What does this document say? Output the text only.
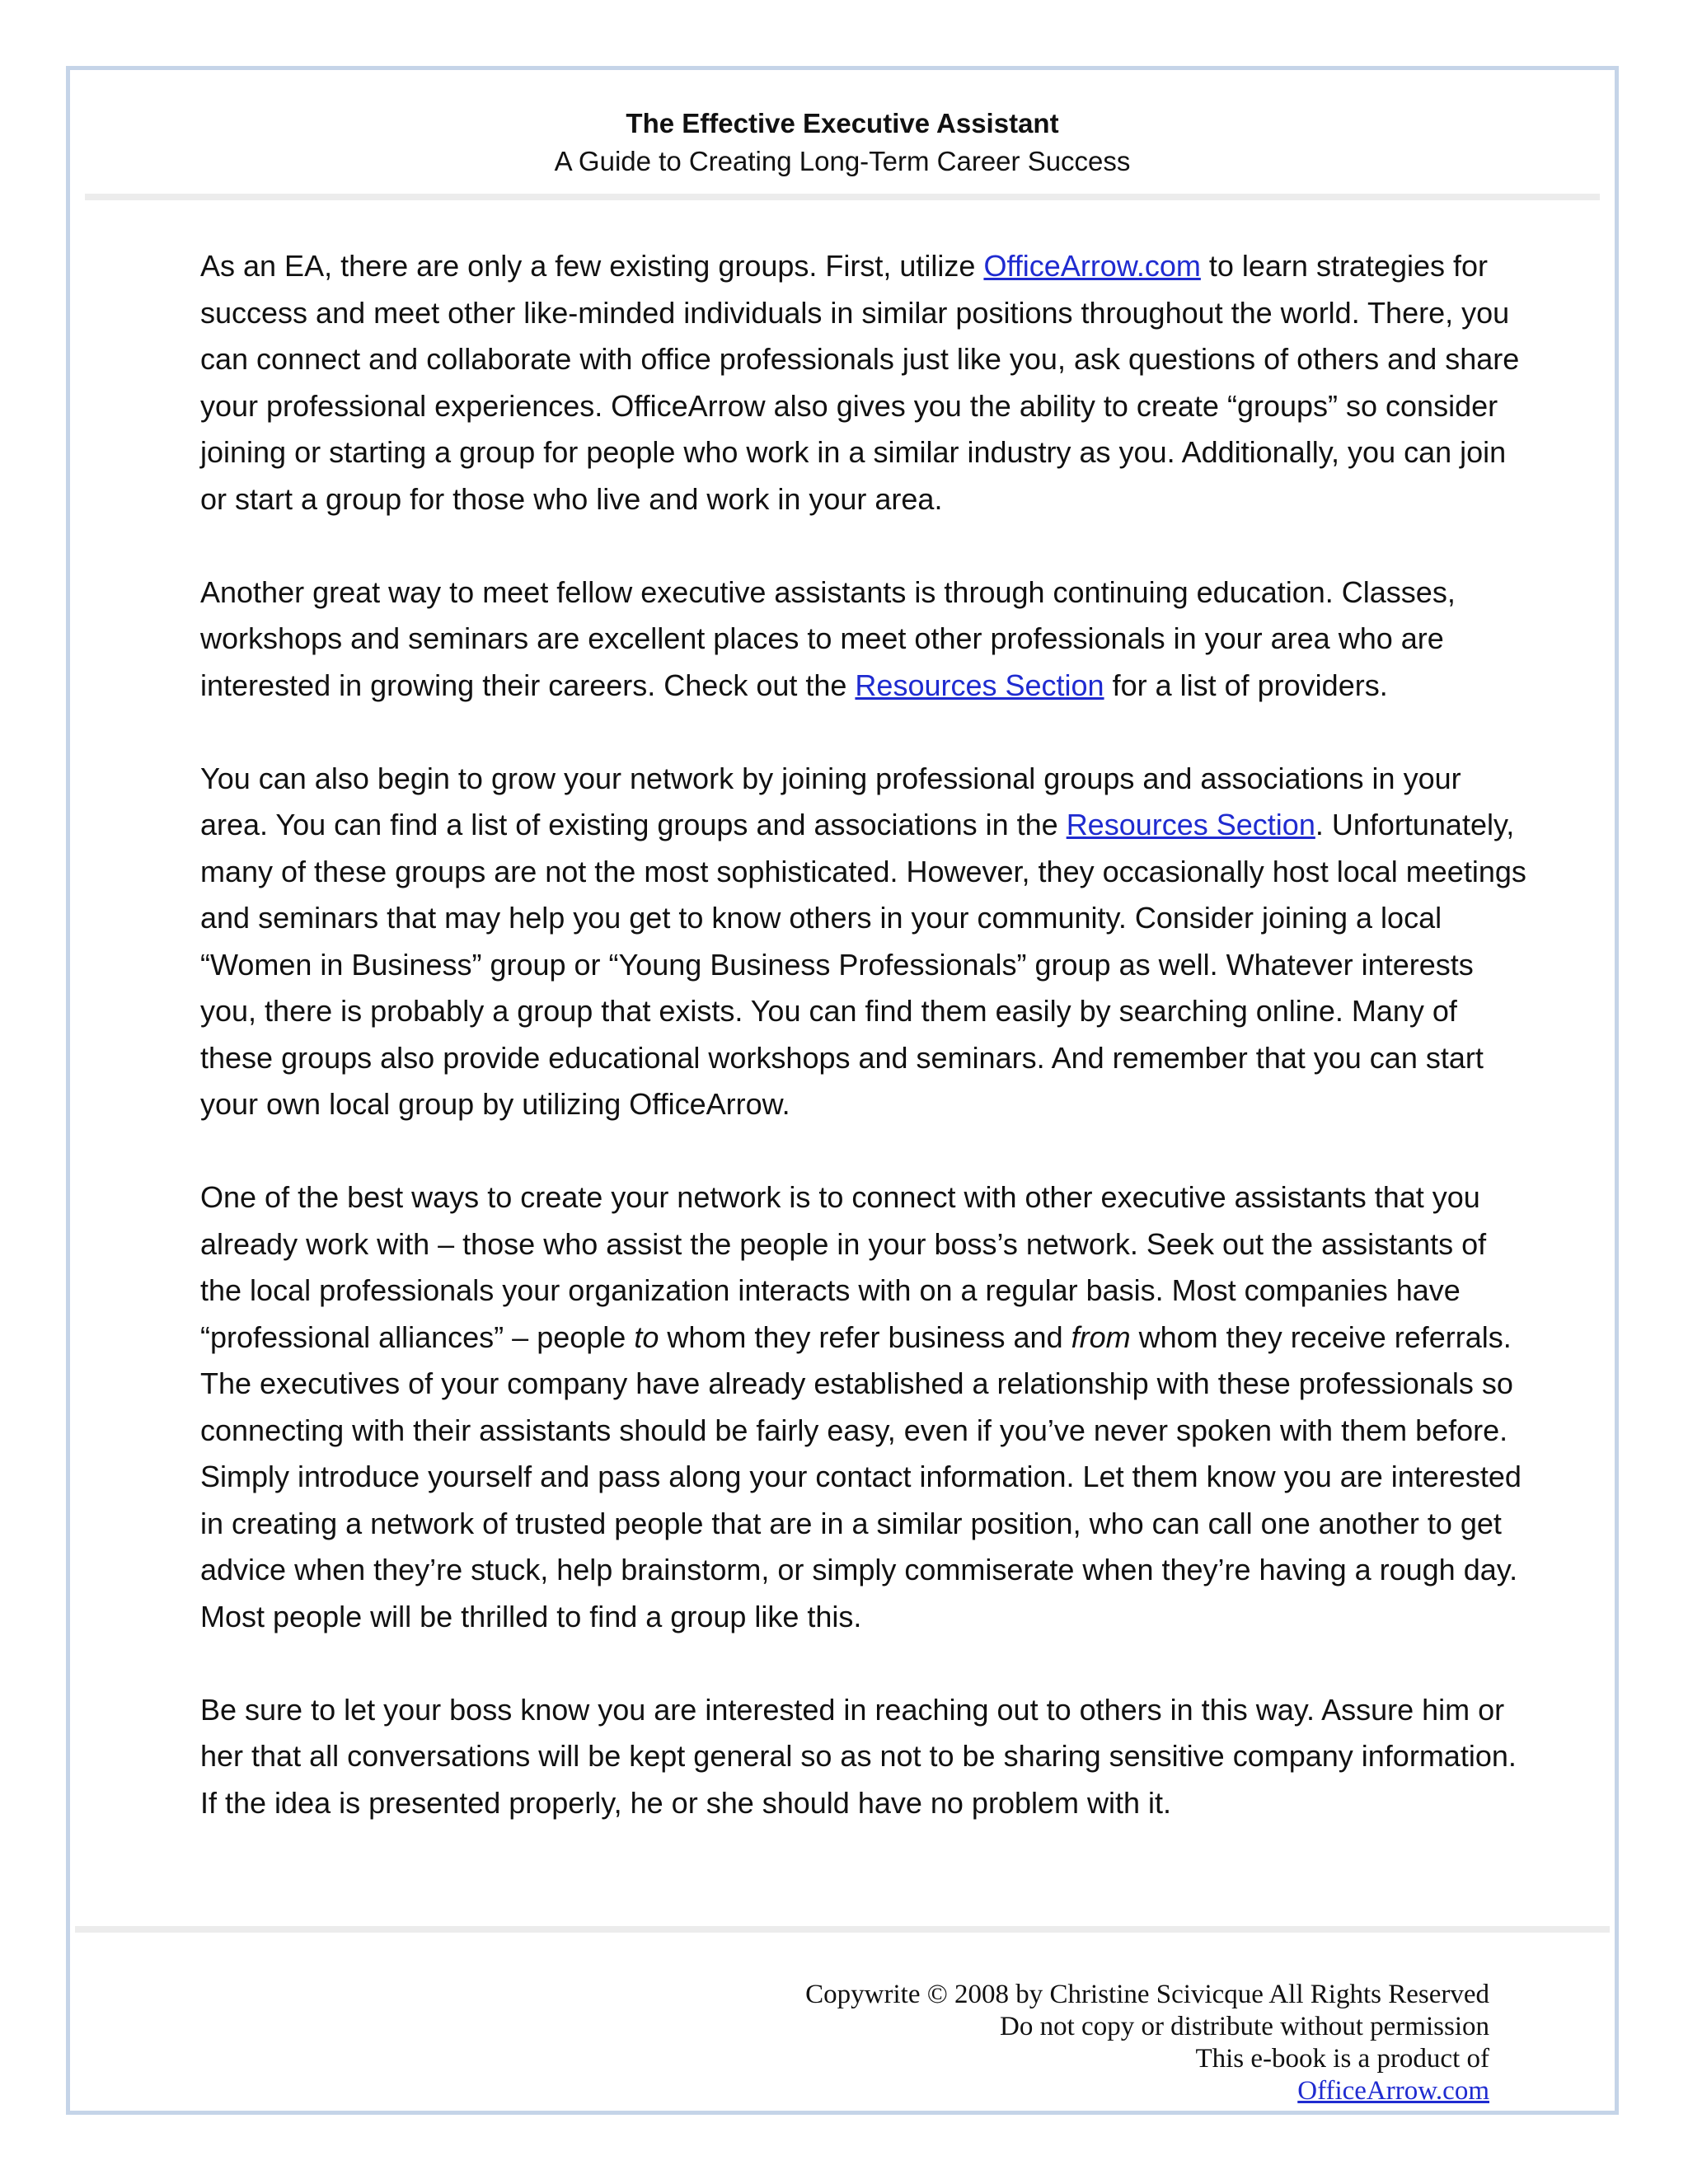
The Effective Executive Assistant
A Guide to Creating Long-Term Career Success

As an EA, there are only a few existing groups. First, utilize OfficeArrow.com to learn strategies for success and meet other like-minded individuals in similar positions throughout the world. There, you can connect and collaborate with office professionals just like you, ask questions of others and share your professional experiences. OfficeArrow also gives you the ability to create “groups” so consider joining or starting a group for people who work in a similar industry as you. Additionally, you can join or start a group for those who live and work in your area.

Another great way to meet fellow executive assistants is through continuing education. Classes, workshops and seminars are excellent places to meet other professionals in your area who are interested in growing their careers. Check out the Resources Section for a list of providers.

You can also begin to grow your network by joining professional groups and associations in your area. You can find a list of existing groups and associations in the Resources Section. Unfortunately, many of these groups are not the most sophisticated. However, they occasionally host local meetings and seminars that may help you get to know others in your community. Consider joining a local “Women in Business” group or “Young Business Professionals” group as well. Whatever interests you, there is probably a group that exists. You can find them easily by searching online. Many of these groups also provide educational workshops and seminars. And remember that you can start your own local group by utilizing OfficeArrow.

One of the best ways to create your network is to connect with other executive assistants that you already work with – those who assist the people in your boss’s network. Seek out the assistants of the local professionals your organization interacts with on a regular basis. Most companies have “professional alliances” – people to whom they refer business and from whom they receive referrals. The executives of your company have already established a relationship with these professionals so connecting with their assistants should be fairly easy, even if you’ve never spoken with them before. Simply introduce yourself and pass along your contact information. Let them know you are interested in creating a network of trusted people that are in a similar position, who can call one another to get advice when they’re stuck, help brainstorm, or simply commiserate when they’re having a rough day. Most people will be thrilled to find a group like this.

Be sure to let your boss know you are interested in reaching out to others in this way. Assure him or her that all conversations will be kept general so as not to be sharing sensitive company information. If the idea is presented properly, he or she should have no problem with it.

Copywrite © 2008 by Christine Scivicque All Rights Reserved
Do not copy or distribute without permission
This e-book is a product of
OfficeArrow.com
